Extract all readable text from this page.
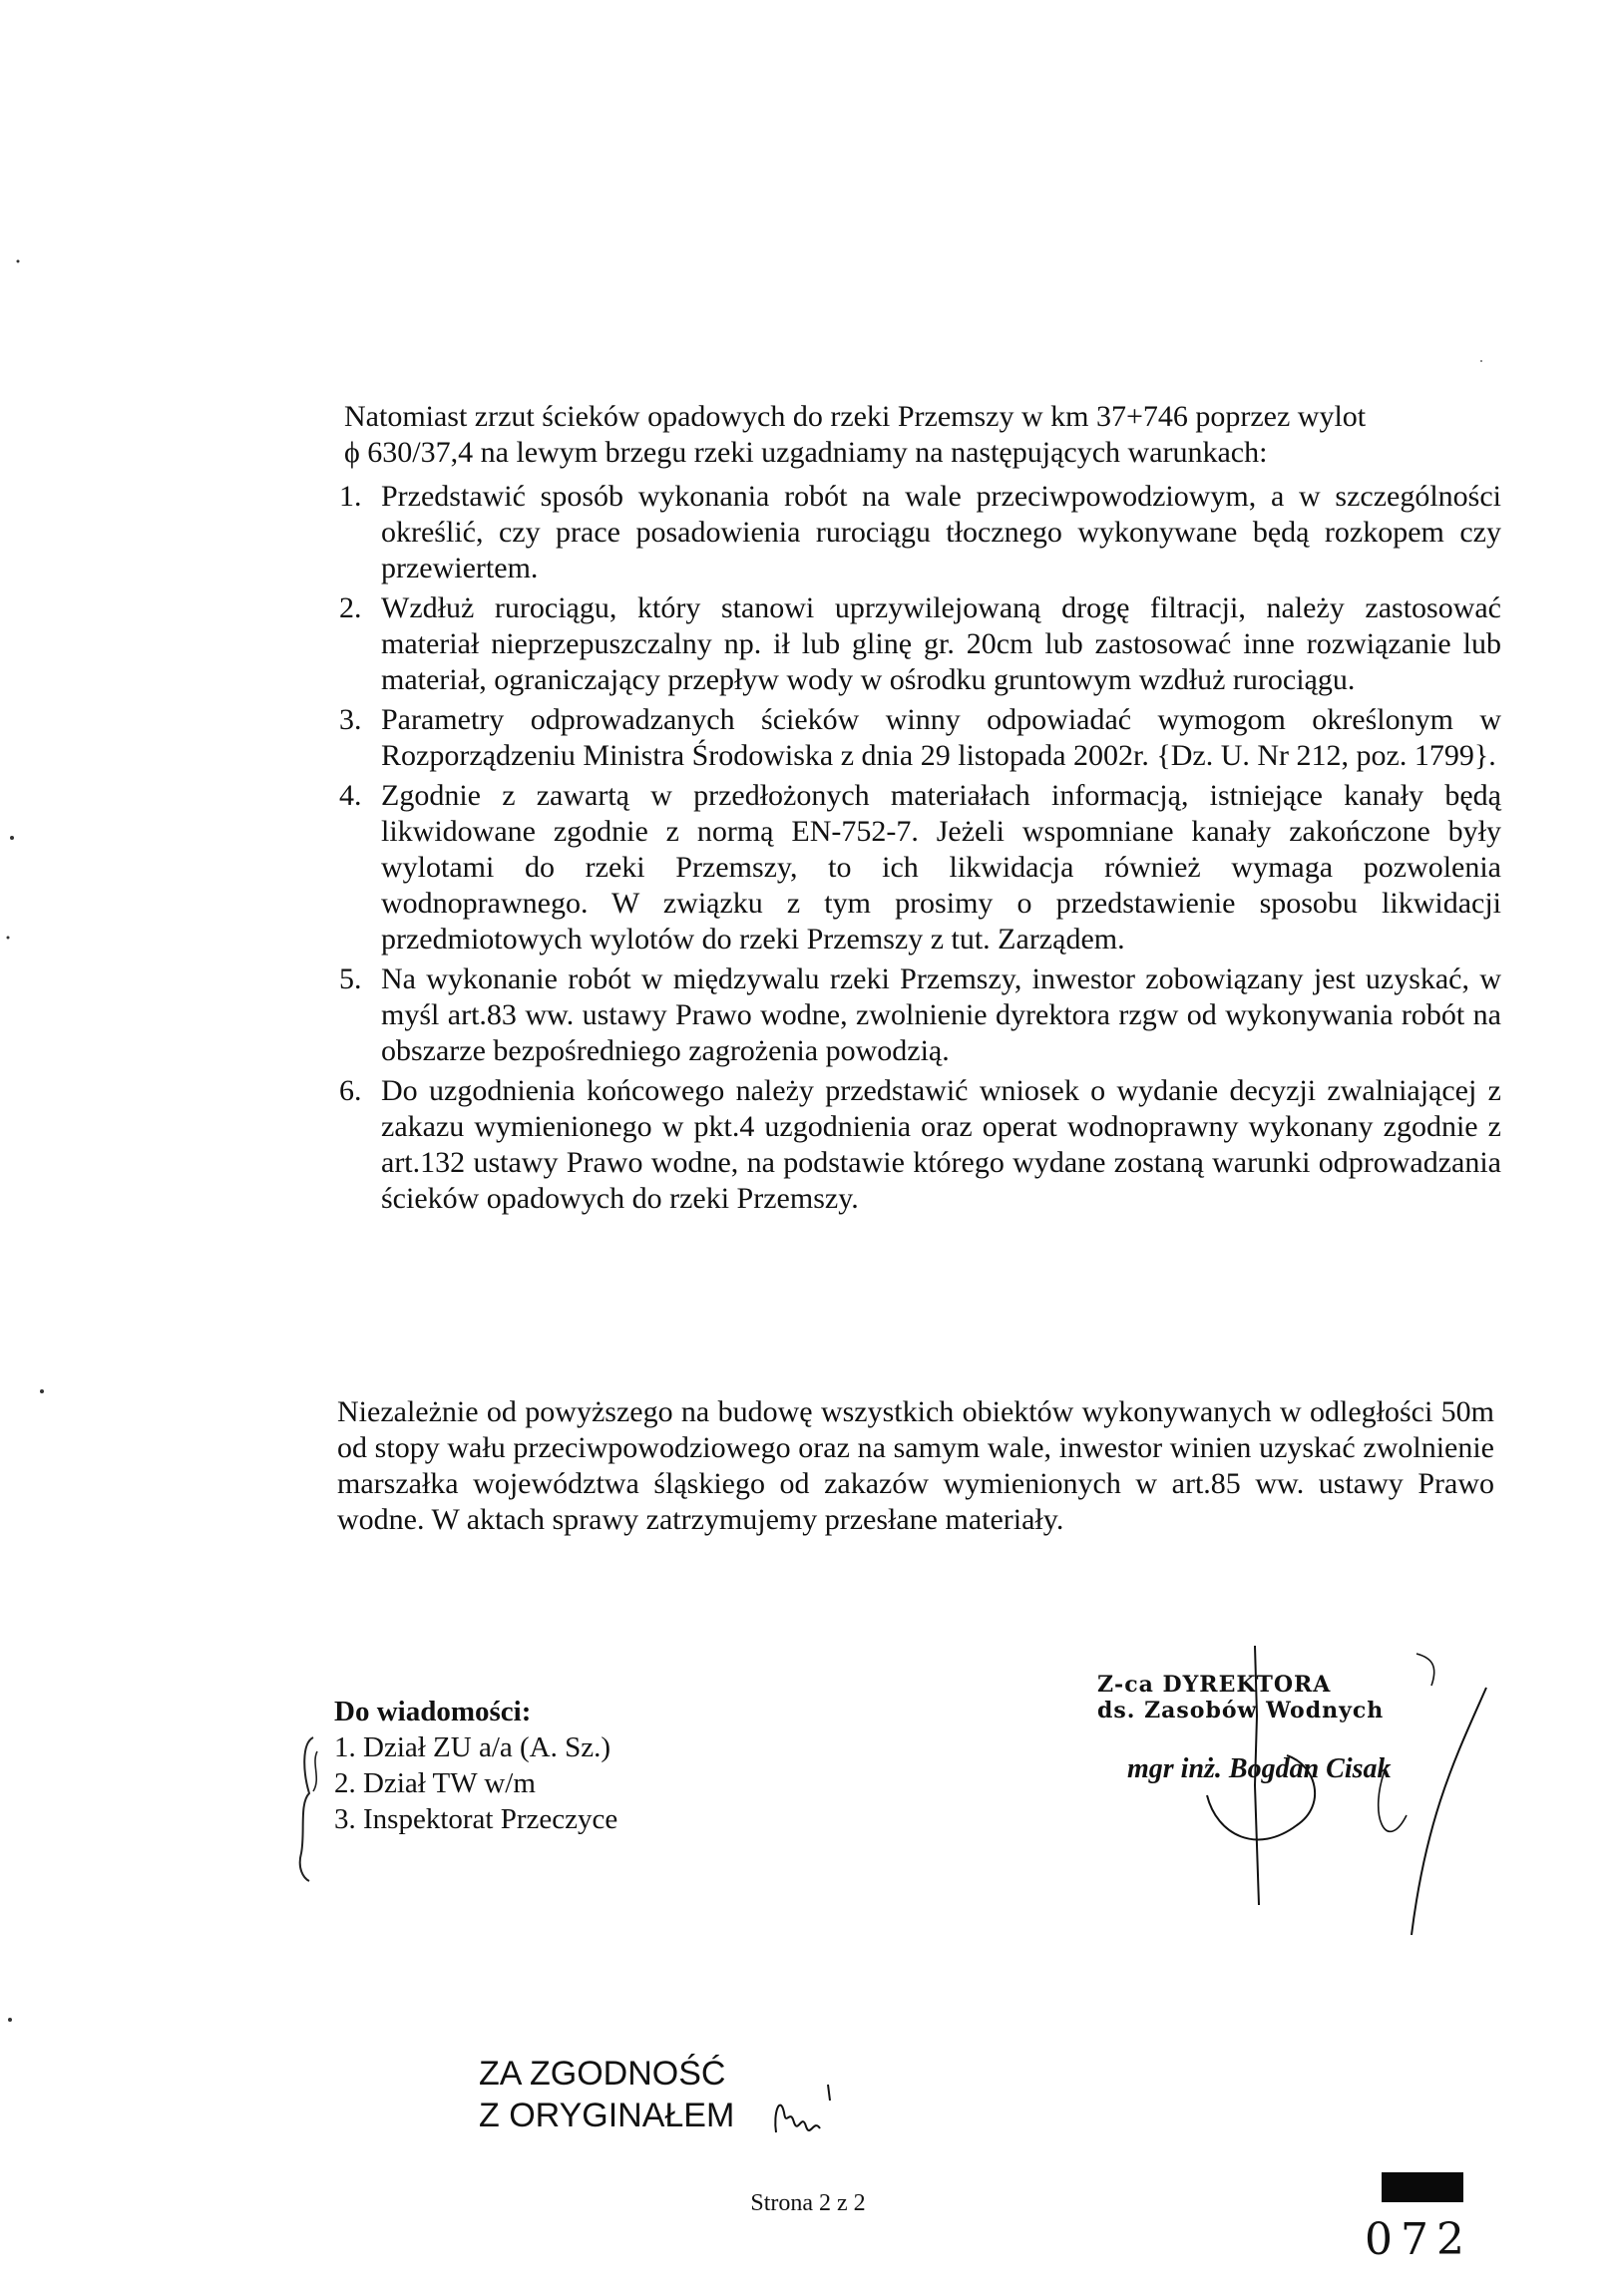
Natomiast zrzut ścieków opadowych do rzeki Przemszy w km 37+746 poprzez wylot
ϕ 630/37,4 na lewym brzegu rzeki uzgadniamy na następujących warunkach:
1. Przedstawić sposób wykonania robót na wale przeciwpowodziowym, a w szczególności określić, czy prace posadowienia rurociągu tłocznego wykonywane będą rozkopem czy przewiertem.
2. Wzdłuż rurociągu, który stanowi uprzywilejowaną drogę filtracji, należy zastosować materiał nieprzepuszczalny np. ił lub glinę gr. 20cm lub zastosować inne rozwiązanie lub materiał, ograniczający przepływ wody w ośrodku gruntowym wzdłuż rurociągu.
3. Parametry odprowadzanych ścieków winny odpowiadać wymogom określonym w Rozporządzeniu Ministra Środowiska z dnia 29 listopada 2002r. {Dz. U. Nr 212, poz. 1799}.
4. Zgodnie z zawartą w przedłożonych materiałach informacją, istniejące kanały będą likwidowane zgodnie z normą EN-752-7. Jeżeli wspomniane kanały zakończone były wylotami do rzeki Przemszy, to ich likwidacja również wymaga pozwolenia wodnoprawnego. W związku z tym prosimy o przedstawienie sposobu likwidacji przedmiotowych wylotów do rzeki Przemszy z tut. Zarządem.
5. Na wykonanie robót w międzywalu rzeki Przemszy, inwestor zobowiązany jest uzyskać, w myśl art.83 ww. ustawy Prawo wodne, zwolnienie dyrektora rzgw od wykonywania robót na obszarze bezpośredniego zagrożenia powodzią.
6. Do uzgodnienia końcowego należy przedstawić wniosek o wydanie decyzji zwalniającej z zakazu wymienionego w pkt.4 uzgodnienia oraz operat wodnoprawny wykonany zgodnie z art.132 ustawy Prawo wodne, na podstawie którego wydane zostaną warunki odprowadzania ścieków opadowych do rzeki Przemszy.
Niezależnie od powyższego na budowę wszystkich obiektów wykonywanych w odległości 50m od stopy wału przeciwpowodziowego oraz na samym wale, inwestor winien uzyskać zwolnienie marszałka województwa śląskiego od zakazów wymienionych w art.85 ww. ustawy Prawo wodne. W aktach sprawy zatrzymujemy przesłane materiały.
Do wiadomości:
1. Dział ZU a/a (A. Sz.)
2. Dział TW w/m
3. Inspektorat Przeczyce
Z-ca DYREKTORA
ds. Zasobów Wodnych
mgr inż. Bogdan Cisak
ZA ZGODNOŚĆ
Z ORYGINAŁEM
Strona 2 z 2
072
